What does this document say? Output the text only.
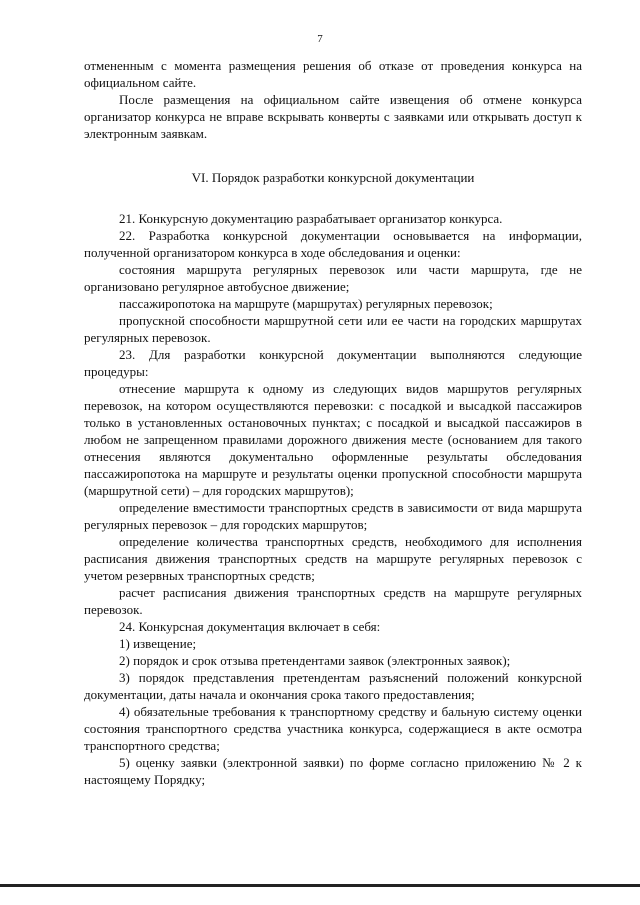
7

отмененным с момента размещения решения об отказе от проведения конкурса на официальном сайте.

После размещения на официальном сайте извещения об отмене конкурса организатор конкурса не вправе вскрывать конверты с заявками или открывать доступ к электронным заявкам.

VI. Порядок разработки конкурсной документации

21. Конкурсную документацию разрабатывает организатор конкурса.

22. Разработка конкурсной документации основывается на информации, полученной организатором конкурса в ходе обследования и оценки:

состояния маршрута регулярных перевозок или части маршрута, где не организовано регулярное автобусное движение;

пассажиропотока на маршруте (маршрутах) регулярных перевозок;

пропускной способности маршрутной сети или ее части на городских маршрутах регулярных перевозок.

23. Для разработки конкурсной документации выполняются следующие процедуры:

отнесение маршрута к одному из следующих видов маршрутов регулярных перевозок, на котором осуществляются перевозки: с посадкой и высадкой пассажиров только в установленных остановочных пунктах; с посадкой и высадкой пассажиров в любом не запрещенном правилами дорожного движения месте (основанием для такого отнесения являются документально оформленные результаты обследования пассажиропотока на маршруте и результаты оценки пропускной способности маршрута (маршрутной сети) – для городских маршрутов);

определение вместимости транспортных средств в зависимости от вида маршрута регулярных перевозок – для городских маршрутов;

определение количества транспортных средств, необходимого для исполнения расписания движения транспортных средств на маршруте регулярных перевозок с учетом резервных транспортных средств;

расчет расписания движения транспортных средств на маршруте регулярных перевозок.

24. Конкурсная документация включает в себя:

1) извещение;

2) порядок и срок отзыва претендентами заявок (электронных заявок);

3) порядок представления претендентам разъяснений положений конкурсной документации, даты начала и окончания срока такого предоставления;

4) обязательные требования к транспортному средству и бальную систему оценки состояния транспортного средства участника конкурса, содержащиеся в акте осмотра транспортного средства;

5) оценку заявки (электронной заявки) по форме согласно приложению № 2 к настоящему Порядку;
